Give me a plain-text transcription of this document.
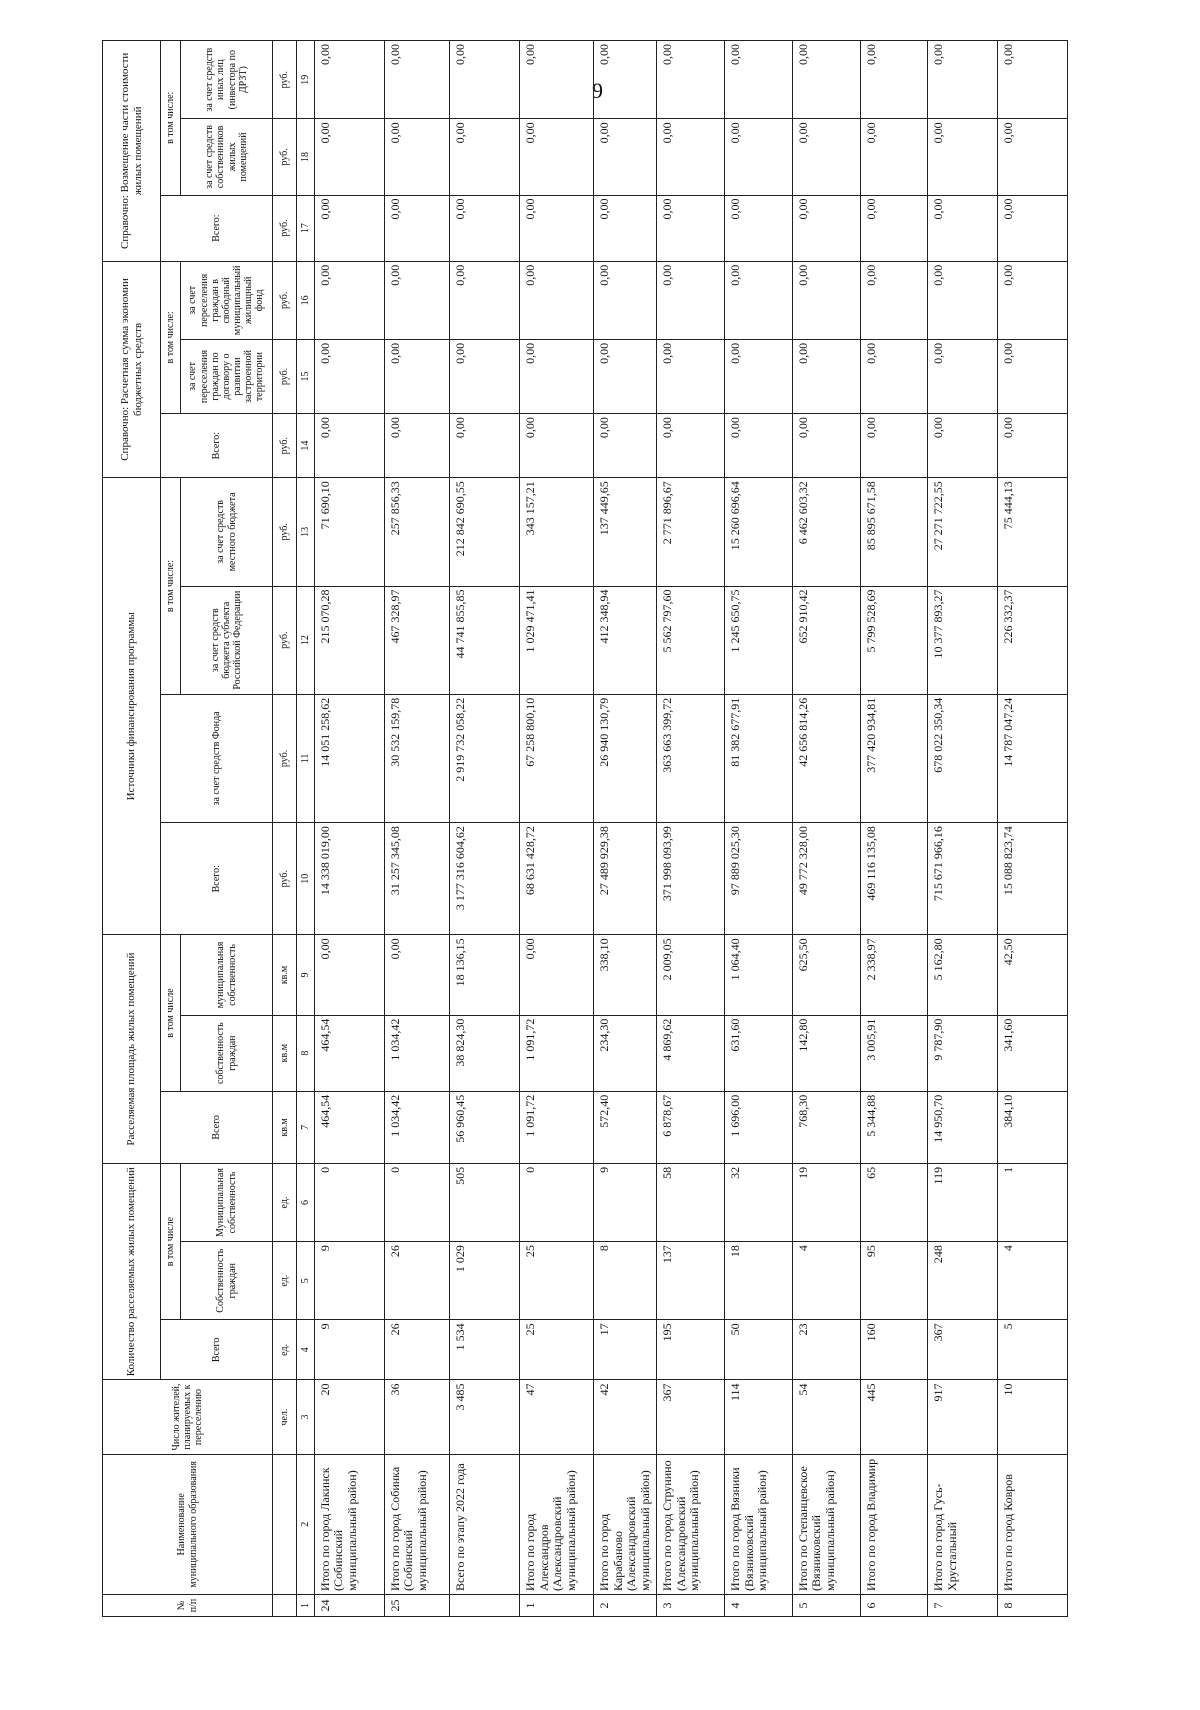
9
№ п/п	Наименование муниципального образования	Число жителей, планируемых к переселению	Количество расселяемых жилых помещений			Расселяемая площадь жилых помещений			Источники финансирования программы				Справочно: Расчетная сумма экономии бюджетных средств			Справочно: Возмещение части стоимости жилых помещений		
			Всего	в том числе		Всего	в том числе		Всего:	за счет средств Фонда	в том числе:		Всего:	в том числе:		Всего:	в том числе:	
				Собственность граждан	Муниципальная собственность		собственность граждан	муниципальная собственность			за счет средств бюджета субъекта Российской Федерации	за счет средств местного бюджета		за счет переселения граждан по договору о развитии застроенной территории	за счет переселения граждан в свободный муниципальный жилищный фонд		за счет средств собственников жилых помещений	за счет средств иных лиц (инвестора по ДРЗТ)
		чел.	ед.	ед.	ед.	кв.м	кв.м	кв.м	руб.	руб.	руб.	руб.	руб.	руб.	руб.	руб.	руб.	руб.
1	2	3	4	5	6	7	8	9	10	11	12	13	14	15	16	17	18	19
24	Итого по город Лакинск (Собинский муниципальный район)	20	9	9	0	464,54	464,54	0,00	14 338 019,00	14 051 258,62	215 070,28	71 690,10	0,00	0,00	0,00	0,00	0,00	0,00
25	Итого по город Собинка (Собинский муниципальный район)	36	26	26	0	1 034,42	1 034,42	0,00	31 257 345,08	30 532 159,78	467 328,97	257 856,33	0,00	0,00	0,00	0,00	0,00	0,00
	Всего по этапу 2022 года	3 485	1 534	1 029	505	56 960,45	38 824,30	18 136,15	3 177 316 604,62	2 919 732 058,22	44 741 855,85	212 842 690,55	0,00	0,00	0,00	0,00	0,00	0,00
1	Итого по город Александров (Александровский муниципальный район)	47	25	25	0	1 091,72	1 091,72	0,00	68 631 428,72	67 258 800,10	1 029 471,41	343 157,21	0,00	0,00	0,00	0,00	0,00	0,00
2	Итого по город Карабаново (Александровский муниципальный район)	42	17	8	9	572,40	234,30	338,10	27 489 929,38	26 940 130,79	412 348,94	137 449,65	0,00	0,00	0,00	0,00	0,00	0,00
3	Итого по город Струнино (Александровский муниципальный район)	367	195	137	58	6 878,67	4 869,62	2 009,05	371 998 093,99	363 663 399,72	5 562 797,60	2 771 896,67	0,00	0,00	0,00	0,00	0,00	0,00
4	Итого по город Вязники (Вязниковский муниципальный район)	114	50	18	32	1 696,00	631,60	1 064,40	97 889 025,30	81 382 677,91	1 245 650,75	15 260 696,64	0,00	0,00	0,00	0,00	0,00	0,00
5	Итого по Степанцевское (Вязниковский муниципальный район)	54	23	4	19	768,30	142,80	625,50	49 772 328,00	42 656 814,26	652 910,42	6 462 603,32	0,00	0,00	0,00	0,00	0,00	0,00
6	Итого по город Владимир	445	160	95	65	5 344,88	3 005,91	2 338,97	469 116 135,08	377 420 934,81	5 799 528,69	85 895 671,58	0,00	0,00	0,00	0,00	0,00	0,00
7	Итого по город Гусь-Хрустальный	917	367	248	119	14 950,70	9 787,90	5 162,80	715 671 966,16	678 022 350,34	10 377 893,27	27 271 722,55	0,00	0,00	0,00	0,00	0,00	0,00
8	Итого по город Ковров	10	5	4	1	384,10	341,60	42,50	15 088 823,74	14 787 047,24	226 332,37	75 444,13	0,00	0,00	0,00	0,00	0,00	0,00
